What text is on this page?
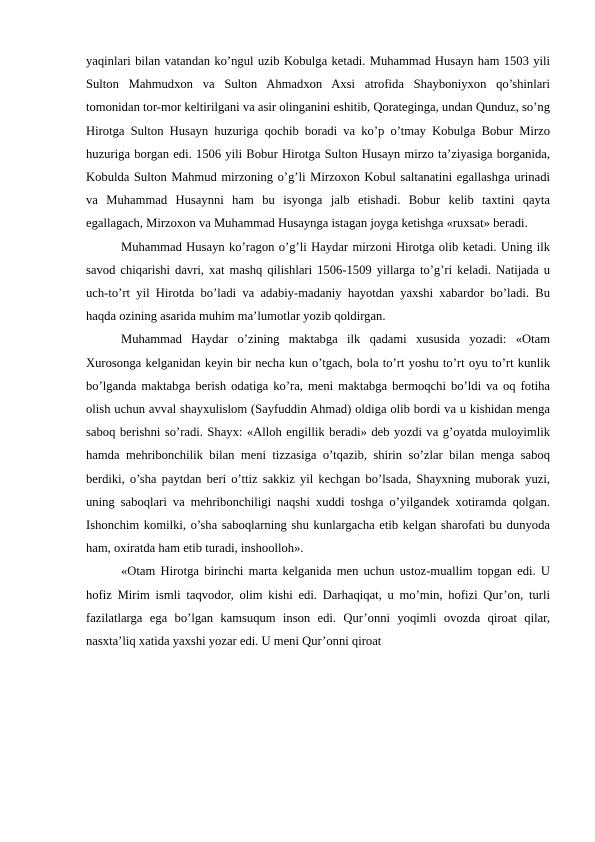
yaqinlari bilan vatandan ko’ngul uzib Kobulga ketadi. Muhammad Husayn ham 1503 yili Sulton Mahmudxon va Sulton Ahmadxon Axsi atrofida Shayboniyxon qo’shinlari tomonidan tor-mor keltirilgani va asir olinganini eshitib, Qorateginga, undan Qunduz, so’ng Hirotga Sulton Husayn huzuriga qochib boradi va ko’p o’tmay Kobulga Bobur Mirzo huzuriga borgan edi. 1506 yili Bobur Hirotga Sulton Husayn mirzo ta’ziyasiga borganida, Kobulda Sulton Mahmud mirzoning o’g’li Mirzoxon Kobul saltanatini egallashga urinadi va Muhammad Husaynni ham bu isyonga jalb etishadi. Bobur kelib taxtini qayta egallagach, Mirzoxon va Muhammad Husaynga istagan joyga ketishga «ruxsat» beradi.

Muhammad Husayn ko’ragon o’g’li Haydar mirzoni Hirotga olib ketadi. Uning ilk savod chiqarishi davri, xat mashq qilishlari 1506-1509 yillarga to’g’ri keladi. Natijada u uch-to’rt yil Hirotda bo’ladi va adabiy-madaniy hayotdan yaxshi xabardor bo’ladi. Bu haqda ozining asarida muhim ma’lumotlar yozib qoldirgan.

Muhammad Haydar o’zining maktabga ilk qadami xususida yozadi: «Otam Xurosonga kelganidan keyin bir necha kun o’tgach, bola to’rt yoshu to’rt oyu to’rt kunlik bo’lganda maktabga berish odatiga ko’ra, meni maktabga bermoqchi bo’ldi va oq fotiha olish uchun avval shayxulislom (Sayfuddin Ahmad) oldiga olib bordi va u kishidan menga saboq berishni so’radi. Shayx: «Alloh engillik beradi» deb yozdi va g’oyatda muloyimlik hamda mehribonchilik bilan meni tizzasiga o’tqazib, shirin so’zlar bilan menga saboq berdiki, o’sha paytdan beri o’ttiz sakkiz yil kechgan bo’lsada, Shayxning muborak yuzi, uning saboqlari va mehribonchiligi naqshi xuddi toshga o’yilgandek xotiramda qolgan. Ishonchim komilki, o’sha saboqlarning shu kunlargacha etib kelgan sharofati bu dunyoda ham, oxiratda ham etib turadi, inshoolloh».

«Otam Hirotga birinchi marta kelganida men uchun ustoz-muallim topgan edi. U hofiz Mirim ismli taqvodor, olim kishi edi. Darhaqiqat, u mo’min, hofizi Qur’on, turli fazilatlarga ega bo’lgan kamsuqum inson edi. Qur’onni yoqimli ovozda qiroat qilar, nasxta’liq xatida yaxshi yozar edi. U meni Qur’onni qiroat
